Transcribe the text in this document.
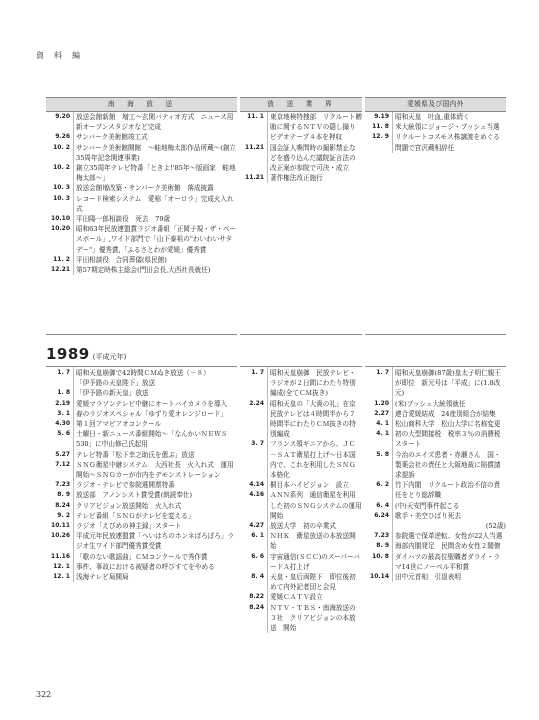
資　料　編
南　海　放　送
9.20 放送会館新館　増工～玄関バティオ方式　ニュース用新オープンスタジオなど完成
9.26 サンバーク美術館竣工式
10. 2 サンバーク美術館開館　～畦地梅太郎作品所蔵～(創立35周年記念関連事業)
10. 2 創立35周年テレビ特番「ときよ!'85年～版画家　畦地梅太郎～」
10. 3 放送会館増改築・サンバーク美術館　落成披露
10. 3 レコード検索システム　愛称「オーロラ」完成火入れ式
10.10 平田陽一郎相談役　死去　79歳
10.20 昭和63年民放連盟賞ラジオ番組「正岡子規・ザ・ベースボール」,ワイド部門で「山下泰祖の"わいわいサタデー"」優秀賞,「ふるさとわが愛媛」優秀賞
11. 2 平田相談役　合同葬儀(県民館)
12.21 第57期定時株主総会(門田会長,大西社長就任)
放　送　業　界
11. 1 東京地検特捜部　リクルート贈賄に関するＮＴＶの隠し撮りビデオテープ４本を押収
11.21 国会証人喚問時の撮影禁止などを盛り込んだ議院証言法の改正案が参院で可決・成立
11.21 著作権法改正施行
愛媛県及び国内外
9.19 昭和天皇　吐血,重体続く
11. 8 米大統領にジョージ・ブッシュ当選
12. 9 リクルートコスモス株譲渡をめぐる問題で宮沢蔵相辞任
1989 (平成元年)
1. 7 昭和天皇崩御で42時間ＣＭぬき放送（－８）
「伊予路の天皇陛下」放送
1. 8 「伊予路の新天皇」放送
2.19 愛媛マラソンテレビ中継にオートバイカメラを導入
3. 1 春のラジオスペシャル「ゆずり愛オレンジロード」
4.30 第１回アマビアオコンクール
5. 6 土曜日・新ニュース番組開始～「なんかいＮＥＷＳ530」に中山修己氏起用
5.27 テレビ特番「松下幸之助氏を偲ぶ」放送
7.12 ＳＮＧ衛星中継システム　大西社長　火入れ式　運用開始～ＳＮＧカーが市内をデモンストレーション
7.23 ラジオ・テレビで参院選開票特番
8. 9 放送部　アノンシスト賞受賞(朗読奉仕)
8.24 クリアビジョン放送開始　火入れ式
9. 2 テレビ番組「ＳＮＧがテレビを変える」
10.11 ラジオ「えびめの神主録」スタート
10.26 平成元年民放連盟賞「へいはちのホンネばろぼろ」ラジオ生ワイド部門優秀賞受賞
11.16 「歌のない歌謡曲」ＣＭコンクールで秀作賞
12. 1 事件、事故における被疑者の呼びすてをやめる
12. 1 浅海テレビ局開局
1. 7 昭和天皇崩御　民放テレビ・ラジオが２日間にわたり特別編成(全てＣＭ抜き)
2.24 昭和天皇の「大喪の礼」在京民放テレビは４時間半から７時間半にわたりＣＭ抜きの特別編成
3. 7 フランス領ギニアから、ＪＣ－ＳＡＴ衛星打上げ～日本国内で、これを利用したＳＮＧ本格化
4.14 桐目本ハイビジョン　設立
4.16 ＡＮＮ系列　通信衛星を利用した初のＳＮＧシステムの運用開始
4.27 放送大学　初の卒業式
6. 1 ＮＨＫ　衛星放送の本放送開始
6. 6 宇宙通信(ＳＣＣ)のスーパーバードＡ打上げ
8. 4 天皇・皇后両陛下　即位後初めて内外記者団と会見
8.22 愛媛ＣＡＴＶ設立
8.24 ＮＴＶ・ＴＢＳ・南海放送の３社　クリアビジョンの本放送　開始
1. 7 昭和天皇崩御(87歳)皇太子明仁親王が即位　新元号は「平成」に(1.8改元)
1.20 (米)ブッシュ大統領就任
2.27 連合愛媛結成　24産別組合が結集
4. 1 松山商科大学　松山大学に名称変更
4. 1 初の大型間接税　税率３％の消費税スタート
5. 8 今治のエイズ患者・赤瀬さん　国・製薬会社の責任と大阪地裁に賠償請求提訴
6. 2 竹下内閣　リクルート政治不信の責任をとり総辞職
6. 4 (中)天安門事件起こる
6.24 歌手・美空ひばり死去
(52歳)
7.23 参院選で保革逆転、女性が22人当選
8. 9 海部内閣発足　民間含め女性２閣僚
10. 8 ダイハツの最高位聖職者ダライ・ラマ14世にノーベル平和賞
10.14 田中元首相　引退表明
322
